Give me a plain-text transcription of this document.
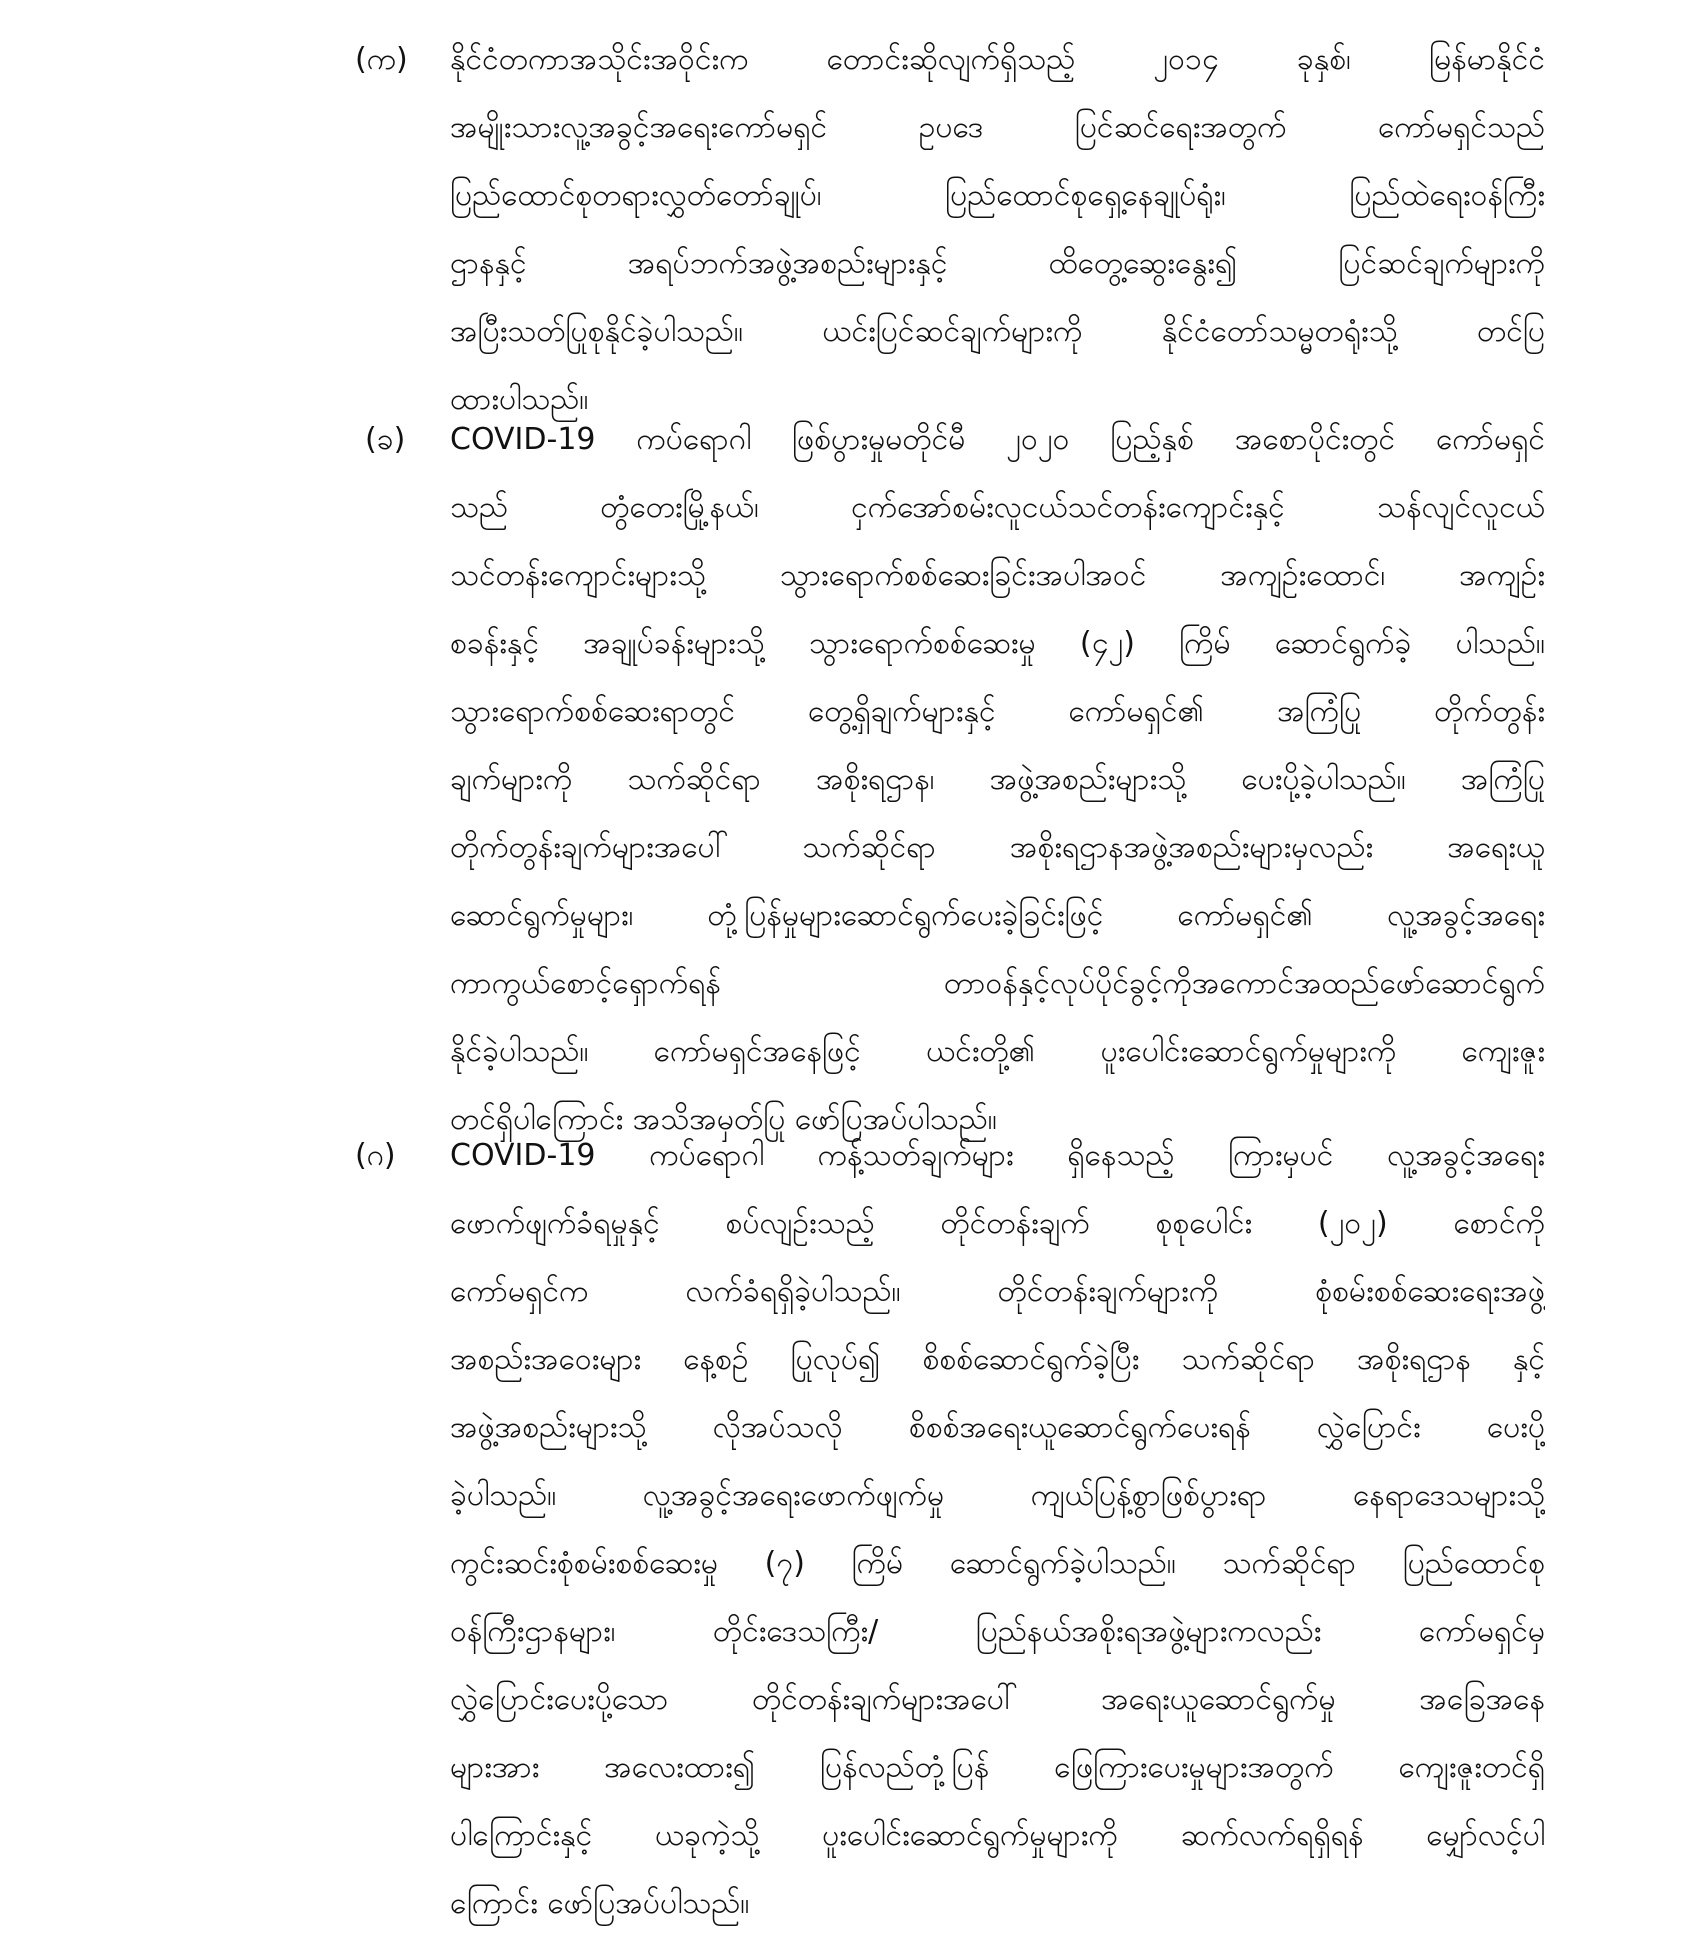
(က)	နိုင်ငံတကာအသိုင်းအဝိုင်းက တောင်းဆိုလျက်ရှိသည့် ၂၀၁၄ ခုနှစ်၊ မြန်မာနိုင်ငံ
အမျိုးသားလူ့အခွင့်အရေးကော်မရှင် ဥပဒေ ပြင်ဆင်ရေးအတွက် ကော်မရှင်သည်
ပြည်ထောင်စုတရားလွှတ်တော်ချုပ်၊ ပြည်ထောင်စုရှေ့နေချုပ်ရုံး၊ ပြည်ထဲရေးဝန်ကြီး
ဌာနနှင့် အရပ်ဘက်အဖွဲ့အစည်းများနှင့် ထိတွေ့ဆွေးနွေး၍ ပြင်ဆင်ချက်များကို
အပြီးသတ်ပြုစုနိုင်ခဲ့ပါသည်။ ယင်းပြင်ဆင်ချက်များကို နိုင်ငံတော်သမ္မတရုံးသို့ တင်ပြ
ထားပါသည်။
(ခ)	COVID-19 ကပ်ရောဂါ ဖြစ်ပွားမှုမတိုင်မီ ၂၀၂၀ ပြည့်နှစ် အစောပိုင်းတွင် ကော်မရှင်
သည် တွံတေးမြို့နယ်၊ ငှက်အော်စမ်းလူငယ်သင်တန်းကျောင်းနှင့် သန်လျင်လူငယ်
သင်တန်းကျောင်းများသို့ သွားရောက်စစ်ဆေးခြင်းအပါအဝင် အကျဉ်းထောင်၊ အကျဉ်း
စခန်းနှင့် အချုပ်ခန်းများသို့ သွားရောက်စစ်ဆေးမှု (၄၂) ကြိမ် ဆောင်ရွက်ခဲ့ ပါသည်။
သွားရောက်စစ်ဆေးရာတွင် တွေ့ရှိချက်များနှင့် ကော်မရှင်၏ အကြံပြု တိုက်တွန်း
ချက်များကို သက်ဆိုင်ရာ အစိုးရဌာန၊ အဖွဲ့အစည်းများသို့ ပေးပို့ခဲ့ပါသည်။ အကြံပြု
တိုက်တွန်းချက်များအပေါ် သက်ဆိုင်ရာ အစိုးရဌာနအဖွဲ့အစည်းများမှလည်း အရေးယူ
ဆောင်ရွက်မှုများ၊ တုံ့ပြန်မှုများဆောင်ရွက်ပေးခဲ့ခြင်းဖြင့် ကော်မရှင်၏ လူ့အခွင့်အရေး
ကာကွယ်စောင့်ရှောက်ရန် တာဝန်နှင့်လုပ်ပိုင်ခွင့်ကိုအကောင်အထည်ဖော်ဆောင်ရွက်
နိုင်ခဲ့ပါသည်။ ကော်မရှင်အနေဖြင့် ယင်းတို့၏ ပူးပေါင်းဆောင်ရွက်မှုများကို ကျေးဇူး
တင်ရှိပါကြောင်း အသိအမှတ်ပြု ဖော်ပြအပ်ပါသည်။
(ဂ)	COVID-19 ကပ်ရောဂါ ကန့်သတ်ချက်များ ရှိနေသည့် ကြားမှပင် လူ့အခွင့်အရေး
ဖောက်ဖျက်ခံရမှုနှင့် စပ်လျဉ်းသည့် တိုင်တန်းချက် စုစုပေါင်း (၂၀၂) စောင်ကို
ကော်မရှင်က လက်ခံရရှိခဲ့ပါသည်။ တိုင်တန်းချက်များကို စုံစမ်းစစ်ဆေးရေးအဖွဲ့
အစည်းအဝေးများ နေ့စဉ် ပြုလုပ်၍ စိစစ်ဆောင်ရွက်ခဲ့ပြီး သက်ဆိုင်ရာ အစိုးရဌာန နှင့်
အဖွဲ့အစည်းများသို့ လိုအပ်သလို စိစစ်အရေးယူဆောင်ရွက်ပေးရန် လွှဲပြောင်း ပေးပို့
ခဲ့ပါသည်။ လူ့အခွင့်အရေးဖောက်ဖျက်မှု ကျယ်ပြန့်စွာဖြစ်ပွားရာ နေရာဒေသများသို့
ကွင်းဆင်းစုံစမ်းစစ်ဆေးမှု (၇) ကြိမ် ဆောင်ရွက်ခဲ့ပါသည်။ သက်ဆိုင်ရာ ပြည်ထောင်စု
ဝန်ကြီးဌာနများ၊ တိုင်းဒေသကြီး/ ပြည်နယ်အစိုးရအဖွဲ့များကလည်း ကော်မရှင်မှ
လွှဲပြောင်းပေးပို့သော တိုင်တန်းချက်များအပေါ် အရေးယူဆောင်ရွက်မှု အခြေအနေ
များအား အလေးထား၍ ပြန်လည်တုံ့ပြန် ဖြေကြားပေးမှုများအတွက် ကျေးဇူးတင်ရှိ
ပါကြောင်းနှင့် ယခုကဲ့သို့ ပူးပေါင်းဆောင်ရွက်မှုများကို ဆက်လက်ရရှိရန် မျှော်လင့်ပါ
ကြောင်း ဖော်ပြအပ်ပါသည်။
